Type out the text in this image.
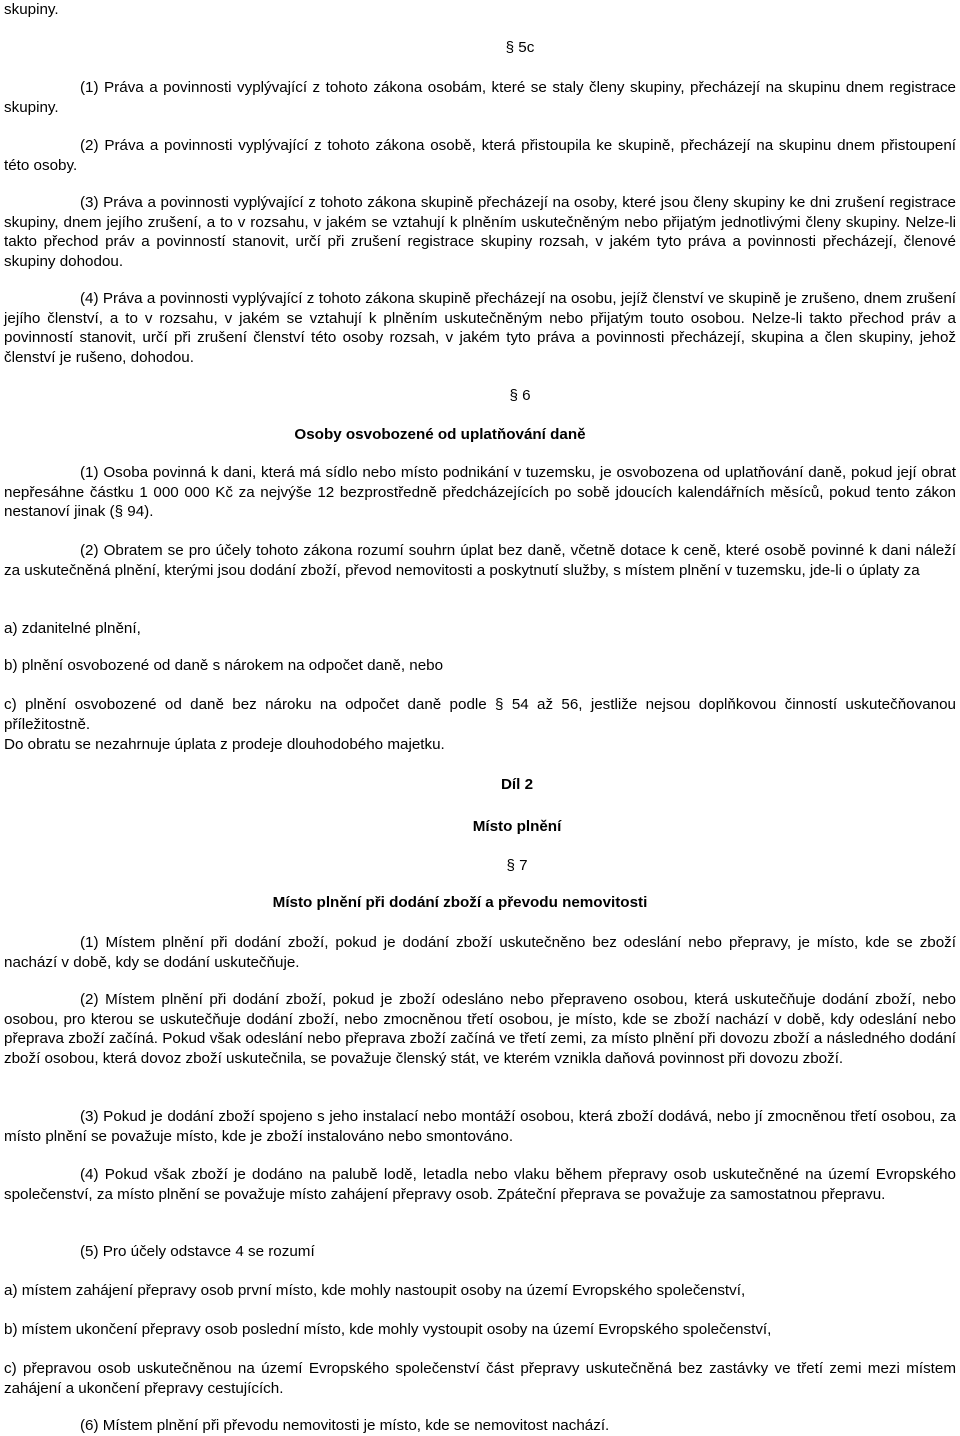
skupiny.

§ 5c

(1) Práva a povinnosti vyplývající z tohoto zákona osobám, které se staly členy skupiny, přecházejí na skupinu dnem registrace skupiny.

(2) Práva a povinnosti vyplývající z tohoto zákona osobě, která přistoupila ke skupině, přecházejí na skupinu dnem přistoupení této osoby.

(3) Práva a povinnosti vyplývající z tohoto zákona skupině přecházejí na osoby, které jsou členy skupiny ke dni zrušení registrace skupiny, dnem jejího zrušení, a to v rozsahu, v jakém se vztahují k plněním uskutečněným nebo přijatým jednotlivými členy skupiny. Nelze-li takto přechod práv a povinností stanovit, určí při zrušení registrace skupiny rozsah, v jakém tyto práva a povinnosti přecházejí, členové skupiny dohodou.

(4) Práva a povinnosti vyplývající z tohoto zákona skupině přecházejí na osobu, jejíž členství ve skupině je zrušeno, dnem zrušení jejího členství, a to v rozsahu, v jakém se vztahují k plněním uskutečněným nebo přijatým touto osobou. Nelze-li takto přechod práv a povinností stanovit, určí při zrušení členství této osoby rozsah, v jakém tyto práva a povinnosti přecházejí, skupina a člen skupiny, jehož členství je rušeno, dohodou.

§ 6

Osoby osvobozené od uplatňování daně

(1) Osoba povinná k dani, která má sídlo nebo místo podnikání v tuzemsku, je osvobozena od uplatňování daně, pokud její obrat nepřesáhne částku 1 000 000 Kč za nejvýše 12 bezprostředně předcházejících po sobě jdoucích kalendářních měsíců, pokud tento zákon nestanoví jinak (§ 94).

(2) Obratem se pro účely tohoto zákona rozumí souhrn úplat bez daně, včetně dotace k ceně, které osobě povinné k dani náleží za uskutečněná plnění, kterými jsou dodání zboží, převod nemovitosti a poskytnutí služby, s místem plnění v tuzemsku, jde-li o úplaty za

a) zdanitelné plnění,

b) plnění osvobozené od daně s nárokem na odpočet daně, nebo

c) plnění osvobozené od daně bez nároku na odpočet daně podle § 54 až 56, jestliže nejsou doplňkovou činností uskutečňovanou příležitostně.

Do obratu se nezahrnuje úplata z prodeje dlouhodobého majetku.

Díl 2

Místo plnění

§ 7

Místo plnění při dodání zboží a převodu nemovitosti

(1) Místem plnění při dodání zboží, pokud je dodání zboží uskutečněno bez odeslání nebo přepravy, je místo, kde se zboží nachází v době, kdy se dodání uskutečňuje.

(2) Místem plnění při dodání zboží, pokud je zboží odesláno nebo přepraveno osobou, která uskutečňuje dodání zboží, nebo osobou, pro kterou se uskutečňuje dodání zboží, nebo zmocněnou třetí osobou, je místo, kde se zboží nachází v době, kdy odeslání nebo přeprava zboží začíná. Pokud však odeslání nebo přeprava zboží začíná ve třetí zemi, za místo plnění při dovozu zboží a následného dodání zboží osobou, která dovoz zboží uskutečnila, se považuje členský stát, ve kterém vznikla daňová povinnost při dovozu zboží.

(3) Pokud je dodání zboží spojeno s jeho instalací nebo montáží osobou, která zboží dodává, nebo jí zmocněnou třetí osobou, za místo plnění se považuje místo, kde je zboží instalováno nebo smontováno.

(4) Pokud však zboží je dodáno na palubě lodě, letadla nebo vlaku během přepravy osob uskutečněné na území Evropského společenství, za místo plnění se považuje místo zahájení přepravy osob. Zpáteční přeprava se považuje za samostatnou přepravu.

(5) Pro účely odstavce 4 se rozumí

a) místem zahájení přepravy osob první místo, kde mohly nastoupit osoby na území Evropského společenství,

b) místem ukončení přepravy osob poslední místo, kde mohly vystoupit osoby na území Evropského společenství,

c) přepravou osob uskutečněnou na území Evropského společenství část přepravy uskutečněná bez zastávky ve třetí zemi mezi místem zahájení a ukončení přepravy cestujících.

(6) Místem plnění při převodu nemovitosti je místo, kde se nemovitost nachází.
